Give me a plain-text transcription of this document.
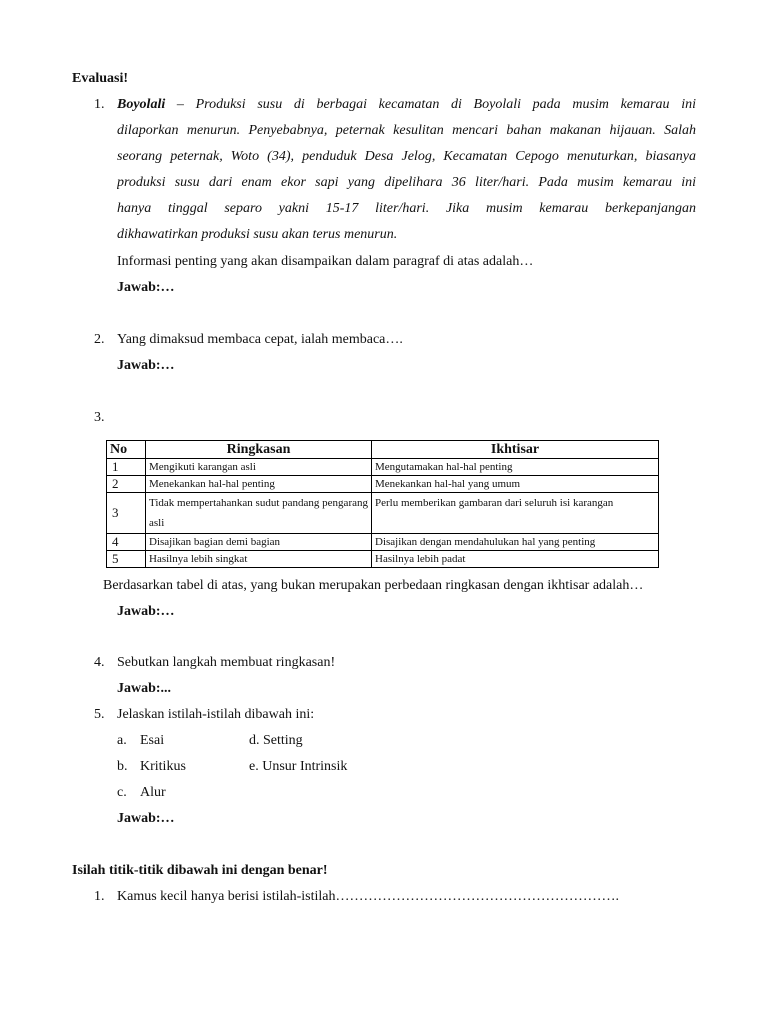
Evaluasi!
1. Boyolali – Produksi susu di berbagai kecamatan di Boyolali pada musim kemarau ini
dilaporkan menurun. Penyebabnya, peternak kesulitan mencari bahan makanan hijauan. Salah
seorang peternak, Woto (34), penduduk Desa Jelog, Kecamatan Cepogo menuturkan, biasanya
produksi susu dari enam ekor sapi yang dipelihara 36 liter/hari. Pada musim kemarau ini
hanya tinggal separo yakni 15-17 liter/hari. Jika musim kemarau berkepanjangan
dikhawatirkan produksi susu akan terus menurun.
Informasi penting yang akan disampaikan dalam paragraf di atas adalah…
Jawab:…
2. Yang dimaksud membaca cepat, ialah membaca….
Jawab:…
3.
No	Ringkasan	Ikhtisar
1	Mengikuti karangan asli	Mengutamakan hal-hal penting
2	Menekankan hal-hal penting	Menekankan hal-hal yang umum
3	Tidak mempertahankan sudut pandang pengarang asli	Perlu memberikan gambaran dari seluruh isi karangan
4	Disajikan bagian demi bagian	Disajikan dengan mendahulukan hal yang penting
5	Hasilnya lebih singkat	Hasilnya lebih padat
Berdasarkan tabel di atas, yang bukan merupakan perbedaan ringkasan dengan ikhtisar adalah…
Jawab:…
4. Sebutkan langkah membuat ringkasan!
Jawab:...
5. Jelaskan istilah-istilah dibawah ini:
a. Esai
b. Kritikus
c. Alur
d. Setting
e. Unsur Intrinsik
Jawab:…
Isilah titik-titik dibawah ini dengan benar!
1. Kamus kecil hanya berisi istilah-istilah…………………………………………………….
